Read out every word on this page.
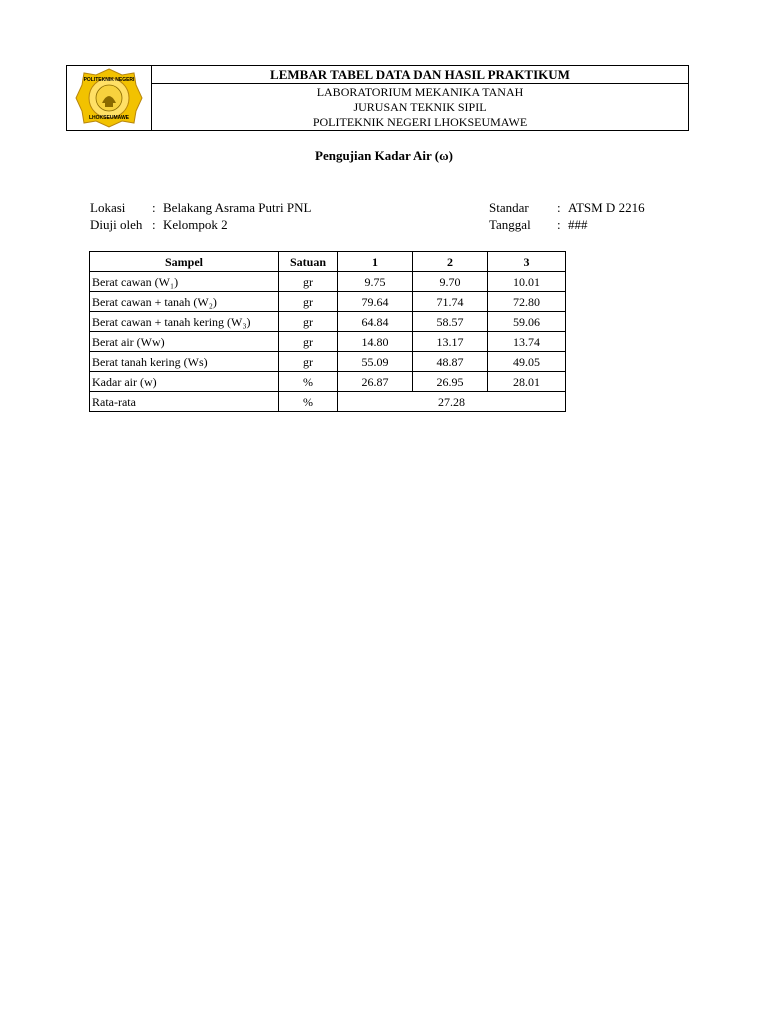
POLITEKNIK NEGERI
LHOKSEUMAWE
LEMBAR TABEL DATA DAN HASIL PRAKTIKUM
LABORATORIUM MEKANIKA TANAH
JURUSAN TEKNIK SIPIL
POLITEKNIK NEGERI LHOKSEUMAWE
Pengujian Kadar Air (ω)
Lokasi	: Belakang Asrama Putri PNL
Diuji oleh : Kelompok 2
Standar	: ATSM D 2216
Tanggal	: ###
Sampel	Satuan	1	2	3
Berat cawan (W₁)	gr	9.75	9.70	10.01
Berat cawan + tanah (W₂)	gr	79.64	71.74	72.80
Berat cawan + tanah kering (W₃)	gr	64.84	58.57	59.06
Berat air (Ww)	gr	14.80	13.17	13.74
Berat tanah kering (Ws)	gr	55.09	48.87	49.05
Kadar air (w)	%	26.87	26.95	28.01
Rata-rata	%	27.28		
